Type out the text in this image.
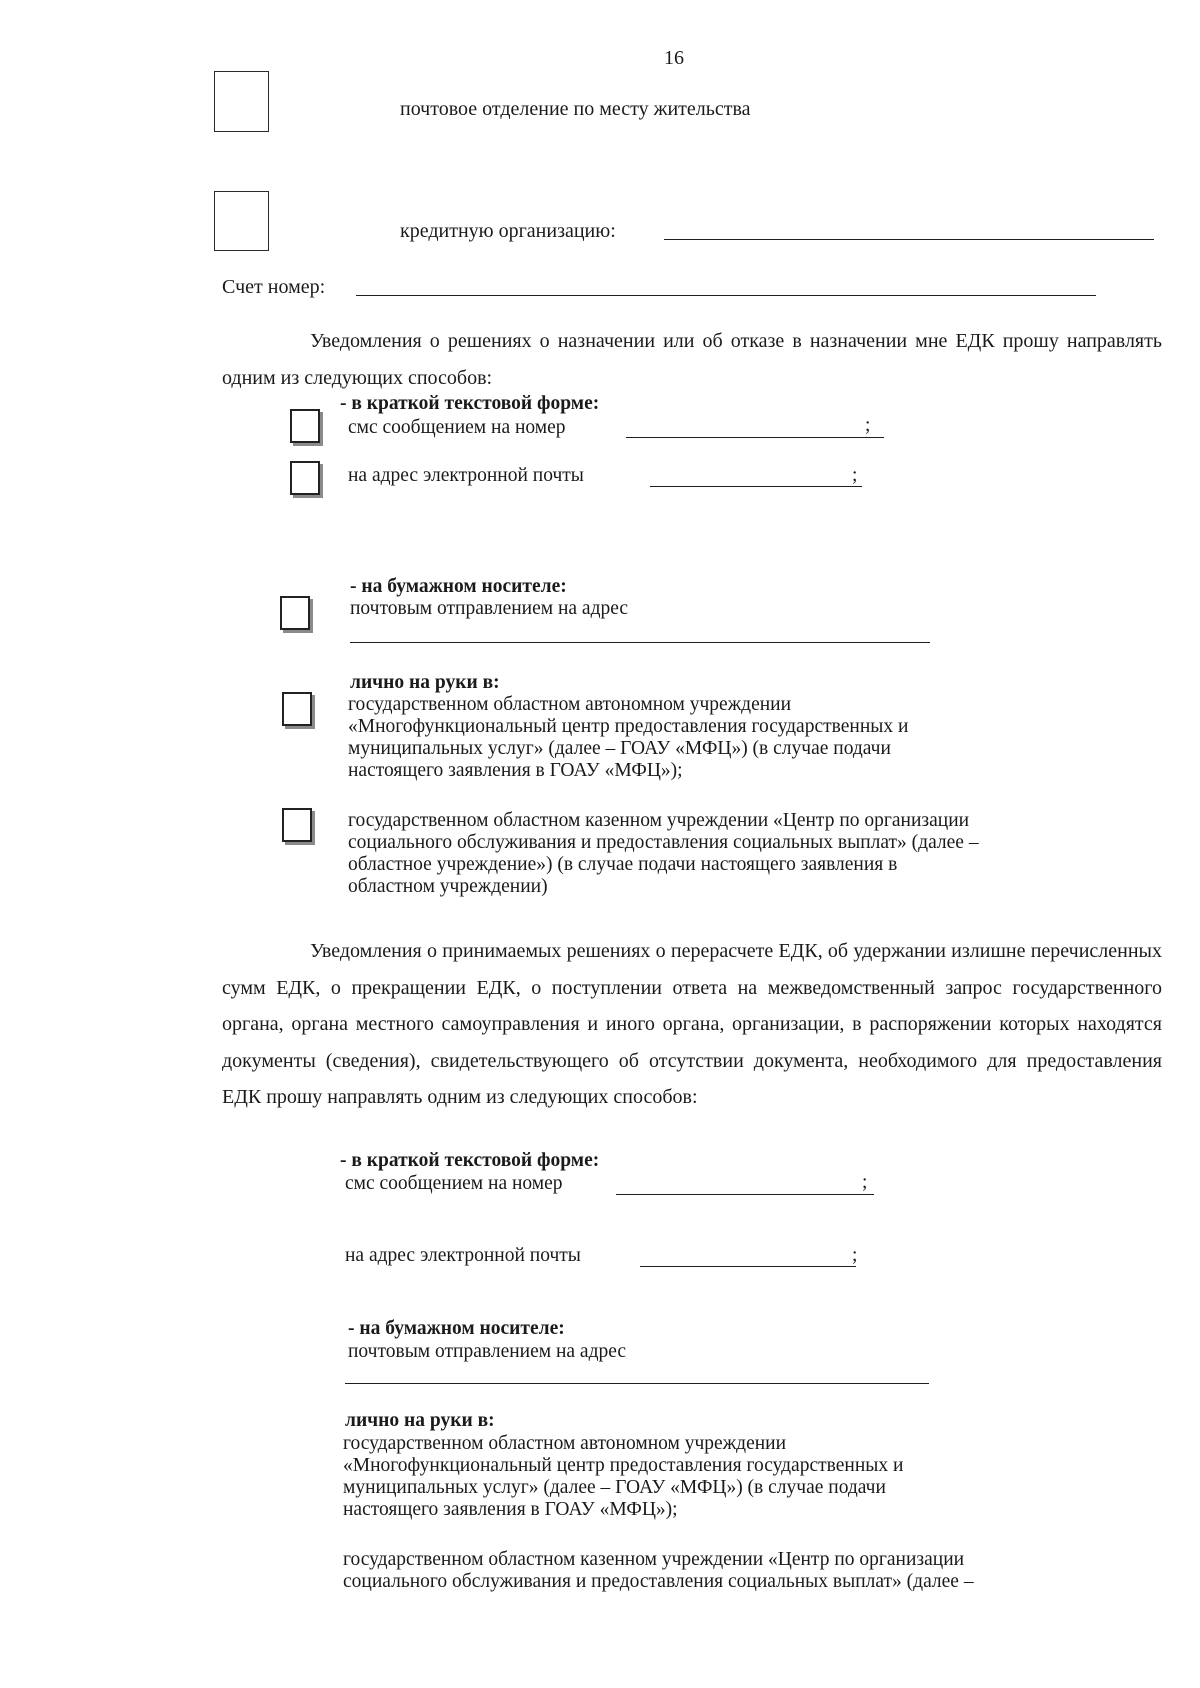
16
почтовое отделение по месту жительства
кредитную организацию:
Счет номер:
Уведомления о решениях о назначении или об отказе в назначении мне ЕДК прошу направлять одним из следующих способов:
- в краткой текстовой форме:
смс сообщением на номер	;
на адрес электронной почты	;
- на бумажном носителе:
почтовым отправлением на адрес
лично на руки в:
государственном областном автономном учреждении
«Многофункциональный центр предоставления государственных и
муниципальных услуг» (далее – ГОАУ «МФЦ») (в случае подачи
настоящего заявления в ГОАУ «МФЦ»);
государственном областном казенном учреждении «Центр по организации
социального обслуживания и предоставления социальных выплат» (далее –
областное учреждение») (в случае подачи настоящего заявления в
областном учреждении)
Уведомления о принимаемых решениях о перерасчете ЕДК, об удержании излишне перечисленных сумм ЕДК, о прекращении ЕДК, о поступлении ответа на межведомственный запрос государственного органа, органа местного самоуправления и иного органа, организации, в распоряжении которых находятся документы (сведения), свидетельствующего об отсутствии документа, необходимого для предоставления ЕДК прошу направлять одним из следующих способов:
- в краткой текстовой форме:
смс сообщением на номер	;
на адрес электронной почты	;
- на бумажном носителе:
почтовым отправлением на адрес
лично на руки в:
государственном областном автономном учреждении
«Многофункциональный центр предоставления государственных и
муниципальных услуг» (далее – ГОАУ «МФЦ») (в случае подачи
настоящего заявления в ГОАУ «МФЦ»);
государственном областном казенном учреждении «Центр по организации
социального обслуживания и предоставления социальных выплат» (далее –
